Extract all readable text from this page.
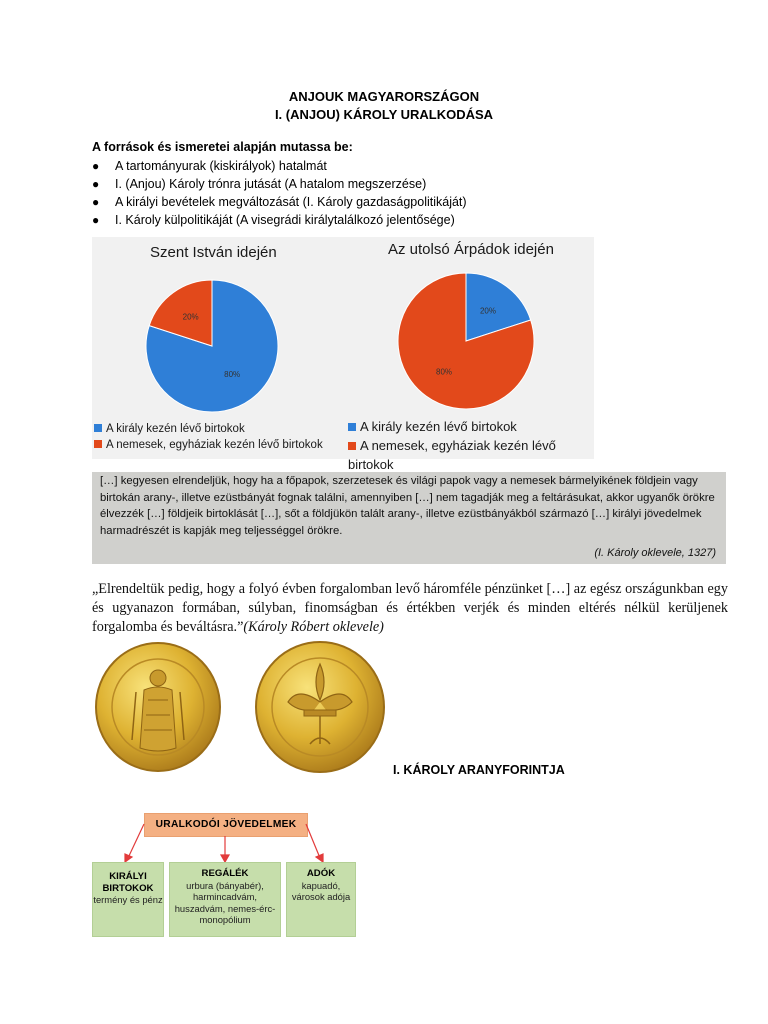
ANJOUK MAGYARORSZÁGON
I. (ANJOU) KÁROLY URALKODÁSA
A források és ismeretei alapján mutassa be:
● A tartományurak (kiskirályok) hatalmát
● I. (Anjou) Károly trónra jutását (A hatalom megszerzése)
● A királyi bevételek megváltozását (I. Károly gazdaságpolitikáját)
● I. Károly külpolitikáját (A visegrádi királytalálkozó jelentősége)
Szent István idején	Az utolsó Árpádok idején
80%
20%
20%
80%
A király kezén lévő birtokok
A nemesek, egyháziak kezén lévő birtokok
A király kezén lévő birtokok
A nemesek, egyháziak kezén lévő birtokok
[…] kegyesen elrendeljük, hogy ha a főpapok, szerzetesek és világi papok vagy a nemesek bármelyikének földjein vagy birtokán arany-, illetve ezüstbányát fognak találni, amennyiben […] nem tagadják meg a feltárásukat, akkor ugyanők örökre élvezzék […] földjeik birtoklását […], sőt a földjükön talált arany-, illetve ezüstbányákból származó […] királyi jövedelmek harmadrészét is kapják meg teljességgel örökre.
(I. Károly oklevele, 1327)
„Elrendeltük pedig, hogy a folyó évben forgalomban levő háromféle pénzünket […] az egész országunkban egy és ugyanazon formában, súlyban, finomságban és értékben verjék és minden eltérés nélkül kerüljenek forgalomba és beváltásra.”(Károly Róbert oklevele)
I. KÁROLY ARANYFORINTJA
URALKODÓI JÖVEDELMEK
KIRÁLYI BIRTOKOK
termény és pénz
REGÁLÉK
urbura (bányabér), harmincadvám, huszadvám, nemes-érc-monopólium
ADÓK
kapuadó, városok adója
